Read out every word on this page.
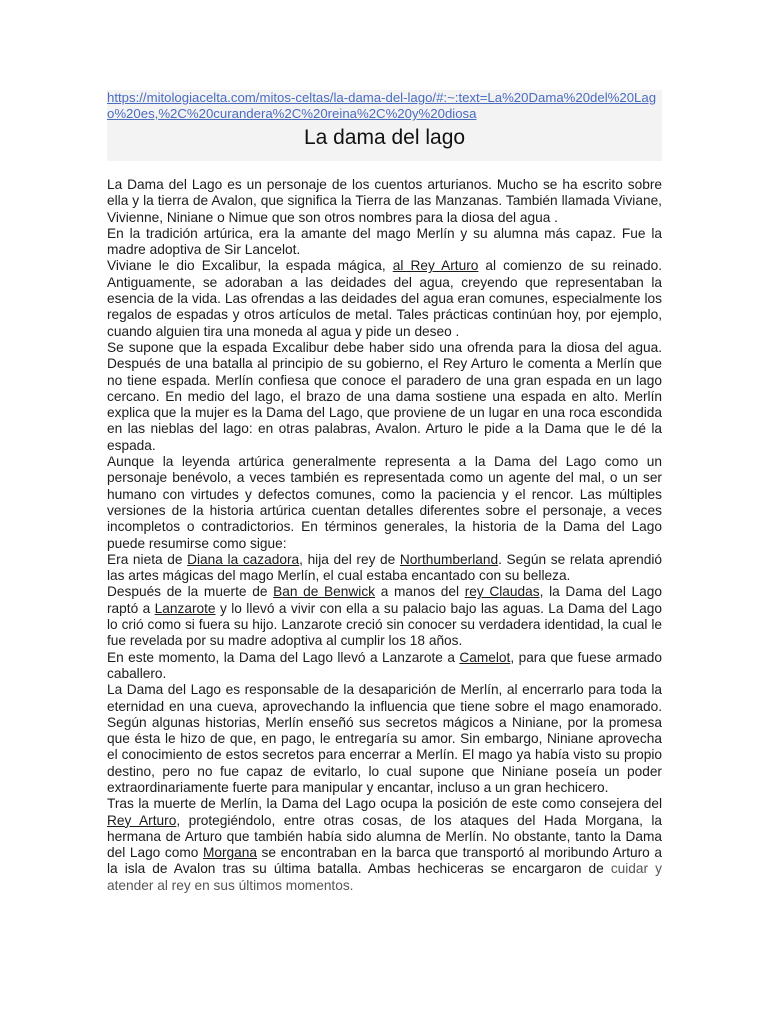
https://mitologiacelta.com/mitos-celtas/la-dama-del-lago/#:~:text=La%20Dama%20del%20Lago%20es,%2C%20curandera%2C%20reina%2C%20y%20diosa
La dama del lago

La Dama del Lago es un personaje de los cuentos arturianos. Mucho se ha escrito sobre ella y la tierra de Avalon, que significa la Tierra de las Manzanas. También llamada Viviane, Vivienne, Niniane o Nimue que son otros nombres para la diosa del agua .

En la tradición artúrica, era la amante del mago Merlín y su alumna más capaz. Fue la madre adoptiva de Sir Lancelot.

Viviane le dio Excalibur, la espada mágica, al Rey Arturo al comienzo de su reinado. Antiguamente, se adoraban a las deidades del agua, creyendo que representaban la esencia de la vida. Las ofrendas a las deidades del agua eran comunes, especialmente los regalos de espadas y otros artículos de metal. Tales prácticas continúan hoy, por ejemplo, cuando alguien tira una moneda al agua y pide un deseo .

Se supone que la espada Excalibur debe haber sido una ofrenda para la diosa del agua. Después de una batalla al principio de su gobierno, el Rey Arturo le comenta a Merlín que no tiene espada. Merlín confiesa que conoce el paradero de una gran espada en un lago cercano. En medio del lago, el brazo de una dama sostiene una espada en alto. Merlín explica que la mujer es la Dama del Lago, que proviene de un lugar en una roca escondida en las nieblas del lago: en otras palabras, Avalon. Arturo le pide a la Dama que le dé la espada.

Aunque la leyenda artúrica generalmente representa a la Dama del Lago como un personaje benévolo, a veces también es representada como un agente del mal, o un ser humano con virtudes y defectos comunes, como la paciencia y el rencor. Las múltiples versiones de la historia artúrica cuentan detalles diferentes sobre el personaje, a veces incompletos o contradictorios. En términos generales, la historia de la Dama del Lago puede resumirse como sigue:

Era nieta de Diana la cazadora, hija del rey de Northumberland. Según se relata aprendió las artes mágicas del mago Merlín, el cual estaba encantado con su belleza.

Después de la muerte de Ban de Benwick a manos del rey Claudas, la Dama del Lago raptó a Lanzarote y lo llevó a vivir con ella a su palacio bajo las aguas. La Dama del Lago lo crió como si fuera su hijo. Lanzarote creció sin conocer su verdadera identidad, la cual le fue revelada por su madre adoptiva al cumplir los 18 años.

En este momento, la Dama del Lago llevó a Lanzarote a Camelot, para que fuese armado caballero.

La Dama del Lago es responsable de la desaparición de Merlín, al encerrarlo para toda la eternidad en una cueva, aprovechando la influencia que tiene sobre el mago enamorado. Según algunas historias, Merlín enseñó sus secretos mágicos a Niniane, por la promesa que ésta le hizo de que, en pago, le entregaría su amor. Sin embargo, Niniane aprovecha el conocimiento de estos secretos para encerrar a Merlín. El mago ya había visto su propio destino, pero no fue capaz de evitarlo, lo cual supone que Niniane poseía un poder extraordinariamente fuerte para manipular y encantar, incluso a un gran hechicero.

Tras la muerte de Merlín, la Dama del Lago ocupa la posición de este como consejera del Rey Arturo, protegiéndolo, entre otras cosas, de los ataques del Hada Morgana, la hermana de Arturo que también había sido alumna de Merlín. No obstante, tanto la Dama del Lago como Morgana se encontraban en la barca que transportó al moribundo Arturo a la isla de Avalon tras su última batalla. Ambas hechiceras se encargaron de cuidar y atender al rey en sus últimos momentos.
